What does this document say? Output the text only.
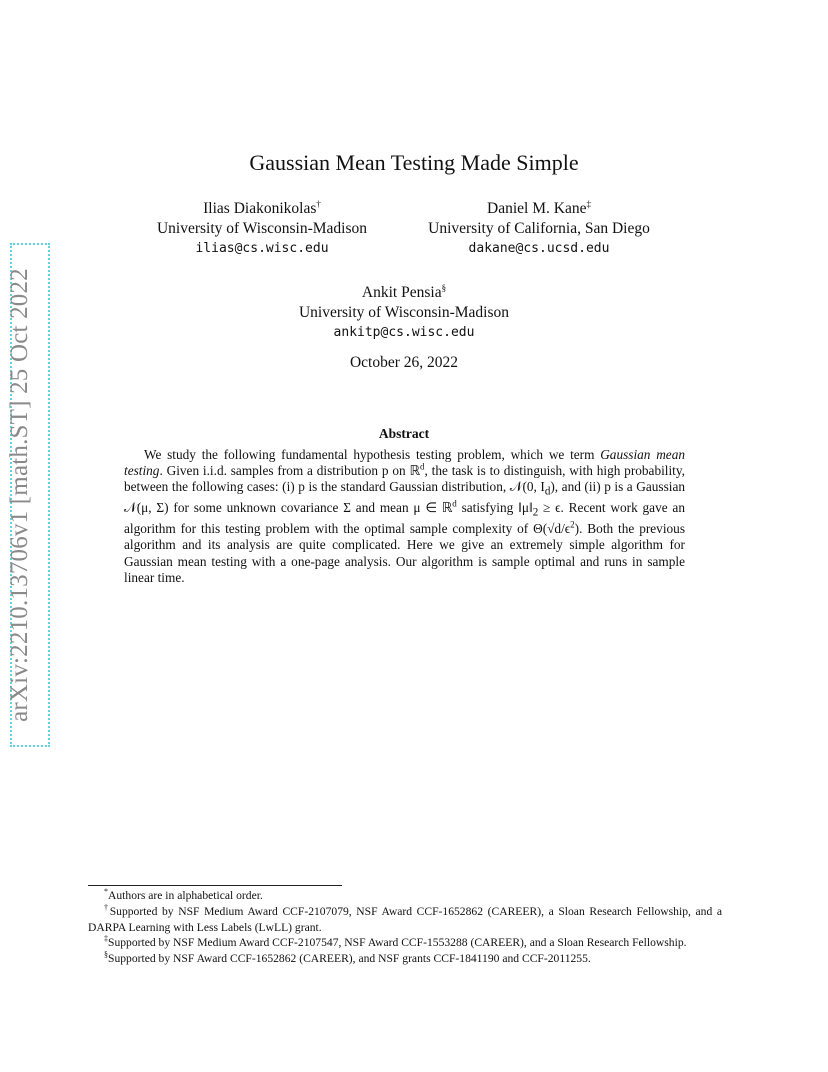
arXiv:2210.13706v1 [math.ST] 25 Oct 2022
Gaussian Mean Testing Made Simple
Ilias Diakonikolas†
University of Wisconsin-Madison
ilias@cs.wisc.edu
Daniel M. Kane‡
University of California, San Diego
dakane@cs.ucsd.edu
Ankit Pensia§
University of Wisconsin-Madison
ankitp@cs.wisc.edu
October 26, 2022
Abstract
We study the following fundamental hypothesis testing problem, which we term Gaussian mean testing. Given i.i.d. samples from a distribution p on ℝ$^d$, the task is to distinguish, with high probability, between the following cases: (i) p is the standard Gaussian distribution, 𝒩(0, $I_d$), and (ii) p is a Gaussian 𝒩(μ, Σ) for some unknown covariance Σ and mean μ ∈ ℝ$^d$ satisfying $‖\mu‖_2 \ge \epsilon$. Recent work gave an algorithm for this testing problem with the optimal sample complexity of $\Theta(√d/\epsilon^2)$. Both the previous algorithm and its analysis are quite complicated. Here we give an extremely simple algorithm for Gaussian mean testing with a one-page analysis. Our algorithm is sample optimal and runs in sample linear time.

*Authors are in alphabetical order.

†Supported by NSF Medium Award CCF-2107079, NSF Award CCF-1652862 (CAREER), a Sloan Research Fellowship, and a DARPA Learning with Less Labels (LwLL) grant.

‡Supported by NSF Medium Award CCF-2107547, NSF Award CCF-1553288 (CAREER), and a Sloan Research Fellowship.

§Supported by NSF Award CCF-1652862 (CAREER), and NSF grants CCF-1841190 and CCF-2011255.
